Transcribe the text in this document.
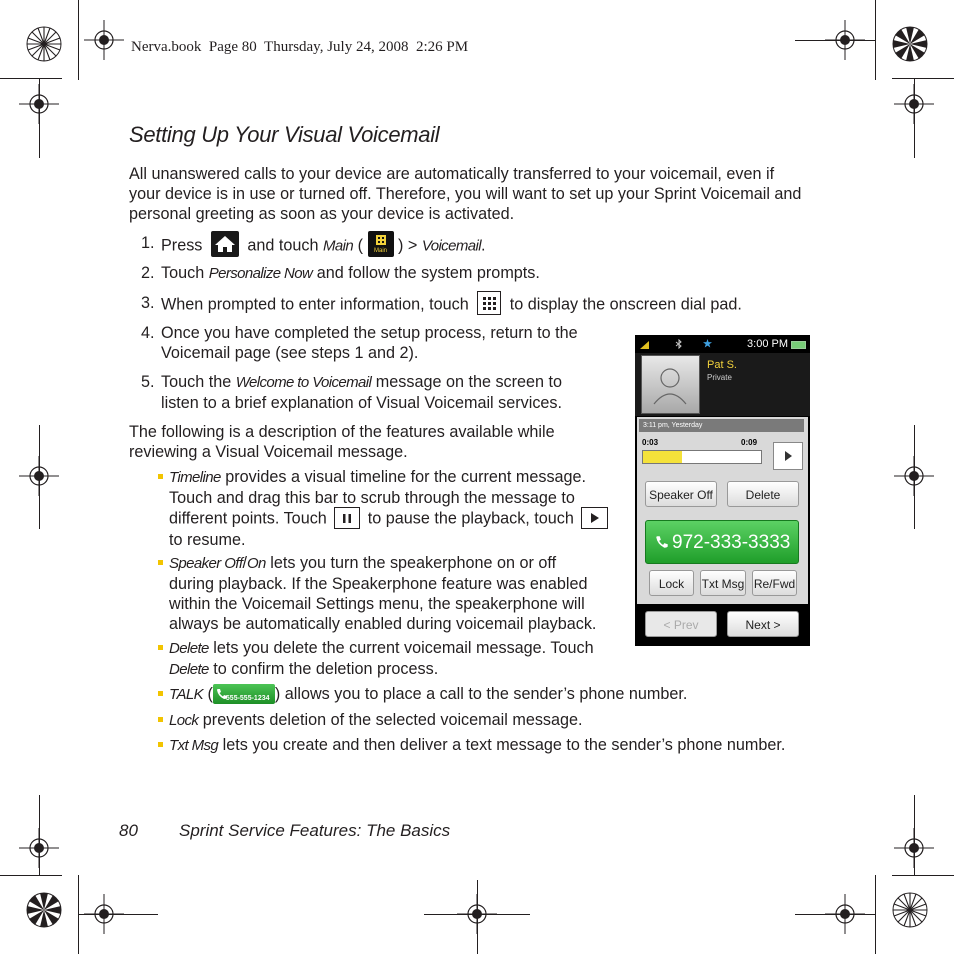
Nerva.book  Page 80  Thursday, July 24, 2008  2:26 PM
Setting Up Your Visual Voicemail
All unanswered calls to your device are automatically transferred to your voicemail, even if your device is in use or turned off. Therefore, you will want to set up your Sprint Voicemail and personal greeting as soon as your device is activated.
1. Press	and touch Main (	Main ) > Voicemail.
2. Touch Personalize Now and follow the system prompts.
3. When prompted to enter information, touch	to display the onscreen dial pad.
4. Once you have completed the setup process, return to the
Voicemail page (see steps 1 and 2).
5. Touch the Welcome to Voicemail message on the screen to
listen to a brief explanation of Visual Voicemail services.
The following is a description of the features available while
reviewing a Visual Voicemail message.
Timeline provides a visual timeline for the current message.
Touch and drag this bar to scrub through the message to
different points. Touch	to pause the playback, touch
to resume.
Speaker Off/On lets you turn the speakerphone on or off
during playback. If the Speakerphone feature was enabled
within the Voicemail Settings menu, the speakerphone will
always be automatically enabled during voicemail playback.
Delete lets you delete the current voicemail message. Touch
Delete to confirm the deletion process.
TALK ( 555-555-1234 ) allows you to place a call to the sender’s phone number.
Lock prevents deletion of the selected voicemail message.
Txt Msg lets you create and then deliver a text message to the sender’s phone number.
3:00 PM
Pat S.
Private
3:11 pm, Yesterday
0:03	0:09
Speaker Off	Delete
972-333-3333
Lock	Txt Msg Re/Fwd
< Prev	Next >
80 Sprint Service Features: The Basics
